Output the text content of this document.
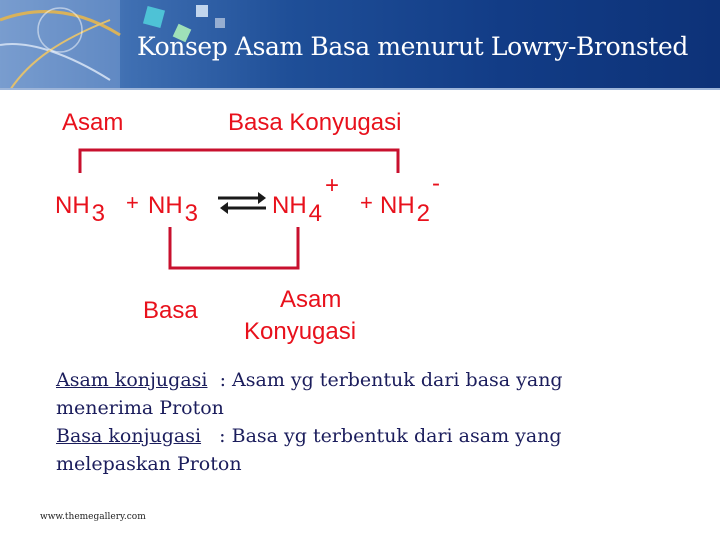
Konsep Asam Basa menurut Lowry-Bronsted
Asam	Basa Konyugasi
NH3 + NH3	NH4+
+ NH2-
Basa	Asam
Konyugasi
Asam konjugasi  : Asam yg terbentuk dari basa yang
menerima Proton
Basa konjugasi   : Basa yg terbentuk dari asam yang
melepaskan Proton
www.themegallery.com
